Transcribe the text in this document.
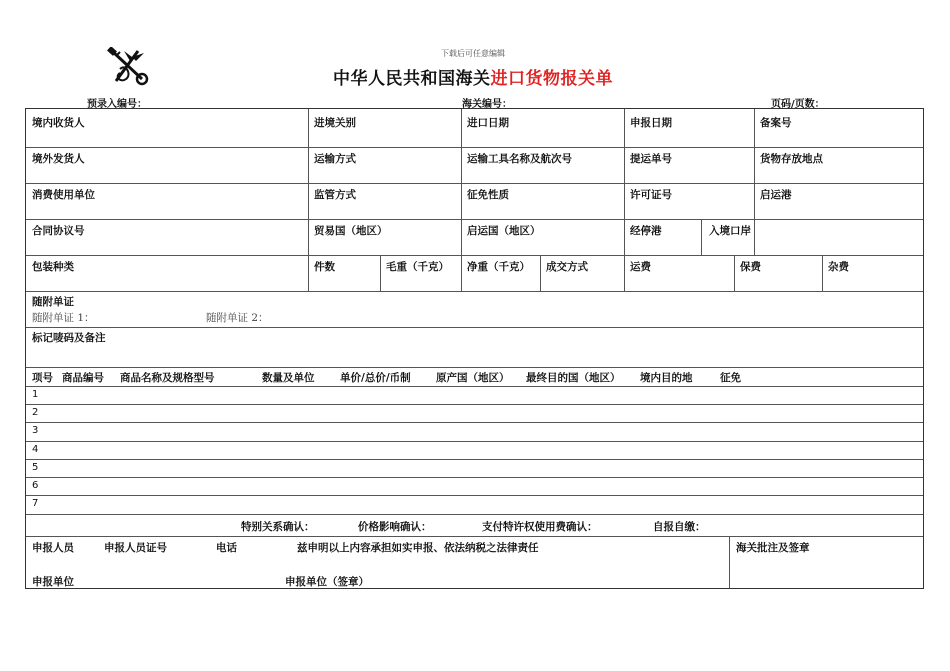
下载后可任意编辑
中华人民共和国海关进口货物报关单
预录入编号：	海关编号：	页码/页数：
境内收货人	进境关别	进口日期	申报日期	备案号
境外发货人	运输方式	运输工具名称及航次号	提运单号	货物存放地点
消费使用单位	监管方式	征免性质	许可证号	启运港
合同协议号	贸易国（地区）	启运国（地区）	经停港	入境口岸
包装种类	件数	毛重（千克） 净重（千克） 成交方式	运费	保费	杂费
随附单证
随附单证 1：	随附单证 2：
标记唛码及备注
项号 商品编号 商品名称及规格型号	数量及单位 单价/总价/币制 原产国（地区） 最终目的国（地区） 境内目的地	征免
1
2
3
4
5
6
7
特别关系确认：	价格影响确认：	支付特许权使用费确认：	自报自缴：
申报人员	申报人员证号	电话	兹申明以上内容承担如实申报、依法纳税之法律责任	海关批注及签章
申报单位	申报单位（签章）
